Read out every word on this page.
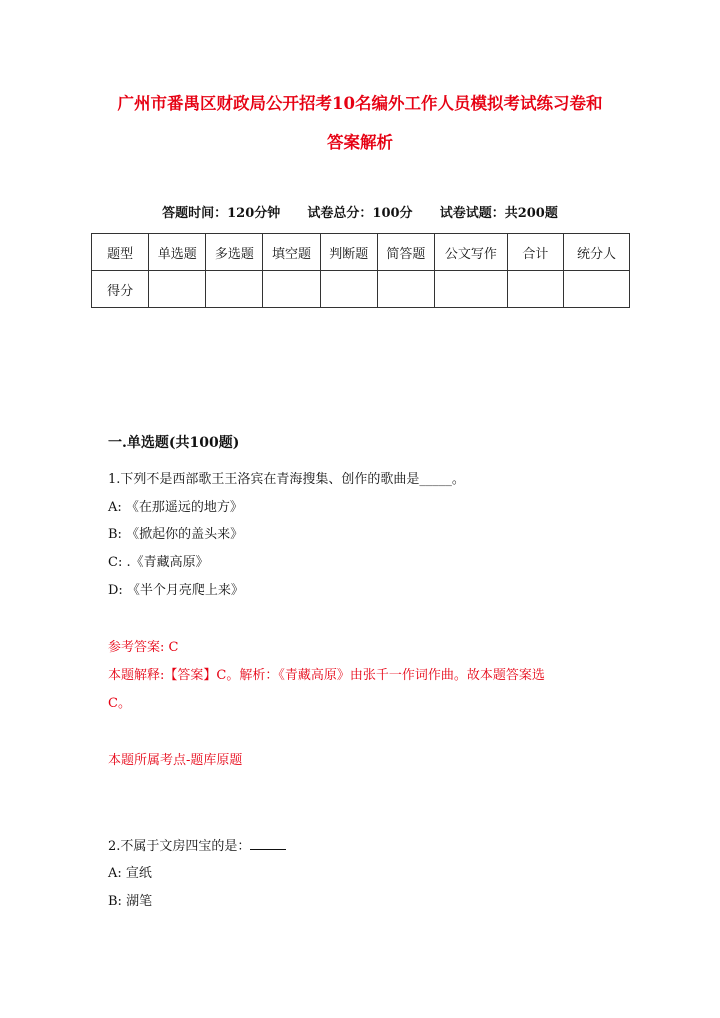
广州市番禺区财政局公开招考10名编外工作人员模拟考试练习卷和
答案解析
答题时间：120分钟      试卷总分：100分      试卷试题：共200题
题型	单选题	多选题	填空题	判断题	简答题	公文写作	合计	统分人
得分								
一.单选题(共100题)
1.下列不是西部歌王王洛宾在青海搜集、创作的歌曲是_____。
A: 《在那遥远的地方》
B: 《掀起你的盖头来》
C: .《青藏高原》
D: 《半个月亮爬上来》
参考答案: C
本题解释:【答案】C。解析：《青藏高原》由张千一作词作曲。故本题答案选
C。
本题所属考点-题库原题
2.不属于文房四宝的是：
A: 宣纸
B: 湖笔
